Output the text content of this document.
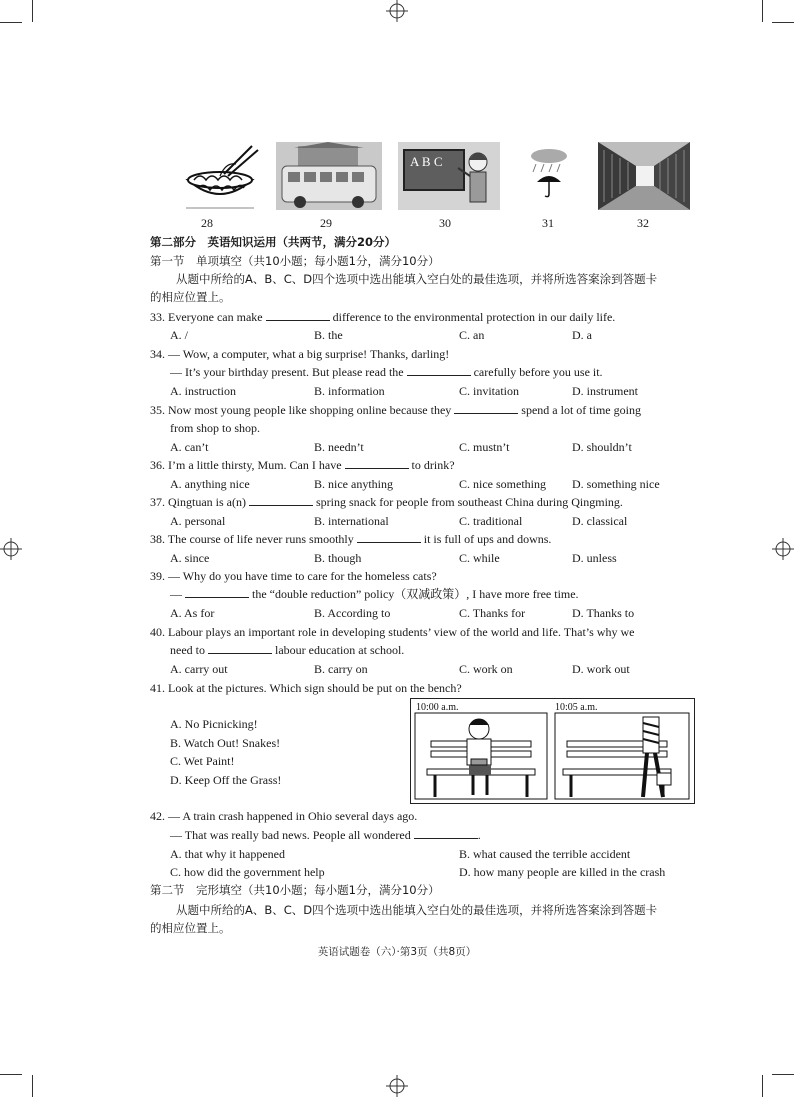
A B C
28	29	30	31	32
第二部分　英语知识运用（共两节，满分20分）
第一节　单项填空（共10小题；每小题1分，满分10分）
从题中所给的A、B、C、D四个选项中选出能填入空白处的最佳选项，并将所选答案涂到答题卡
的相应位置上。
33. Everyone can make	difference to the environmental protection in our daily life.
A. /	B. the	C. an	D. a
34. — Wow, a computer, what a big surprise! Thanks, darling!
— It’s your birthday present. But please read the	carefully before you use it.
A. instruction	B. information	C. invitation	D. instrument
35. Now most young people like shopping online because they	spend a lot of time going
from shop to shop.
A. can’t	B. needn’t	C. mustn’t	D. shouldn’t
36. I’m a little thirsty, Mum. Can I have	to drink?
A. anything nice	B. nice anything	C. nice something D. something nice
37. Qingtuan is a(n)	spring snack for people from southeast China during Qingming.
A. personal	B. international	C. traditional	D. classical
38. The course of life never runs smoothly	it is full of ups and downs.
A. since	B. though	C. while	D. unless
39. — Why do you have time to care for the homeless cats?
—	the “double reduction” policy（双减政策）, I have more free time.
A. As for	B. According to	C. Thanks for	D. Thanks to
40. Labour plays an important role in developing students’ view of the world and life. That’s why we
need to	labour education at school.
A. carry out	B. carry on	C. work on	D. work out
41. Look at the pictures. Which sign should be put on the bench?
A. No Picnicking!
B. Watch Out! Snakes!
C. Wet Paint!
D. Keep Off the Grass!
10:00 a.m.	10:05 a.m.
42. — A train crash happened in Ohio several days ago.
— That was really bad news. People all wondered	.
A. that why it happened	B. what caused the terrible accident
C. how did the government help	D. how many people are killed in the crash
第二节　完形填空（共10小题；每小题1分，满分10分）
从题中所给的A、B、C、D四个选项中选出能填入空白处的最佳选项，并将所选答案涂到答题卡
的相应位置上。
英语试题卷（六）·第3页（共8页）
